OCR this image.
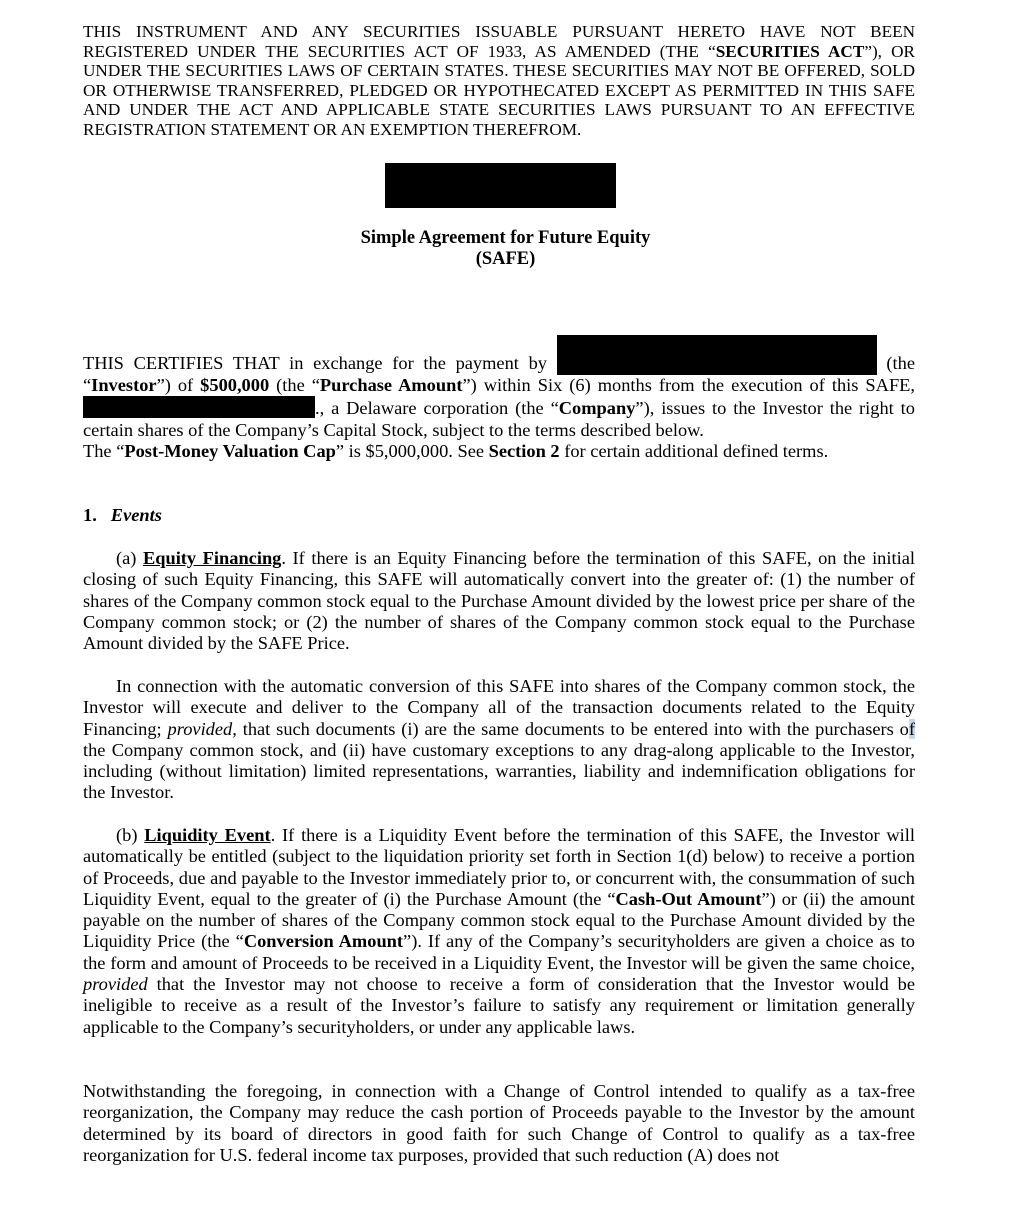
THIS INSTRUMENT AND ANY SECURITIES ISSUABLE PURSUANT HERETO HAVE NOT BEEN REGISTERED UNDER THE SECURITIES ACT OF 1933, AS AMENDED (THE “SECURITIES ACT”), OR UNDER THE SECURITIES LAWS OF CERTAIN STATES. THESE SECURITIES MAY NOT BE OFFERED, SOLD OR OTHERWISE TRANSFERRED, PLEDGED OR HYPOTHECATED EXCEPT AS PERMITTED IN THIS SAFE AND UNDER THE ACT AND APPLICABLE STATE SECURITIES LAWS PURSUANT TO AN EFFECTIVE REGISTRATION STATEMENT OR AN EXEMPTION THEREFROM.

Simple Agreement for Future Equity
(SAFE)

THIS CERTIFIES THAT in exchange for the payment by	(the “Investor”) of $500,000 (the “Purchase Amount”) within Six (6) months from the execution of this SAFE, ., a Delaware corporation (the “Company”), issues to the Investor the right to certain shares of the Company’s Capital Stock, subject to the terms described below.

The “Post-Money Valuation Cap” is $5,000,000. See Section 2 for certain additional defined terms.

1. Events

(a) Equity Financing. If there is an Equity Financing before the termination of this SAFE, on the initial closing of such Equity Financing, this SAFE will automatically convert into the greater of: (1) the number of shares of the Company common stock equal to the Purchase Amount divided by the lowest price per share of the Company common stock; or (2) the number of shares of the Company common stock equal to the Purchase Amount divided by the SAFE Price.

In connection with the automatic conversion of this SAFE into shares of the Company common stock, the Investor will execute and deliver to the Company all of the transaction documents related to the Equity Financing; provided, that such documents (i) are the same documents to be entered into with the purchasers of the Company common stock, and (ii) have customary exceptions to any drag-along applicable to the Investor, including (without limitation) limited representations, warranties, liability and indemnification obligations for the Investor.

(b) Liquidity Event. If there is a Liquidity Event before the termination of this SAFE, the Investor will automatically be entitled (subject to the liquidation priority set forth in Section 1(d) below) to receive a portion of Proceeds, due and payable to the Investor immediately prior to, or concurrent with, the consummation of such Liquidity Event, equal to the greater of (i) the Purchase Amount (the “Cash-Out Amount”) or (ii) the amount payable on the number of shares of the Company common stock equal to the Purchase Amount divided by the Liquidity Price (the “Conversion Amount”). If any of the Company’s securityholders are given a choice as to the form and amount of Proceeds to be received in a Liquidity Event, the Investor will be given the same choice, provided that the Investor may not choose to receive a form of consideration that the Investor would be ineligible to receive as a result of the Investor’s failure to satisfy any requirement or limitation generally applicable to the Company’s securityholders, or under any applicable laws.

Notwithstanding the foregoing, in connection with a Change of Control intended to qualify as a tax-free reorganization, the Company may reduce the cash portion of Proceeds payable to the Investor by the amount determined by its board of directors in good faith for such Change of Control to qualify as a tax-free reorganization for U.S. federal income tax purposes, provided that such reduction (A) does not
